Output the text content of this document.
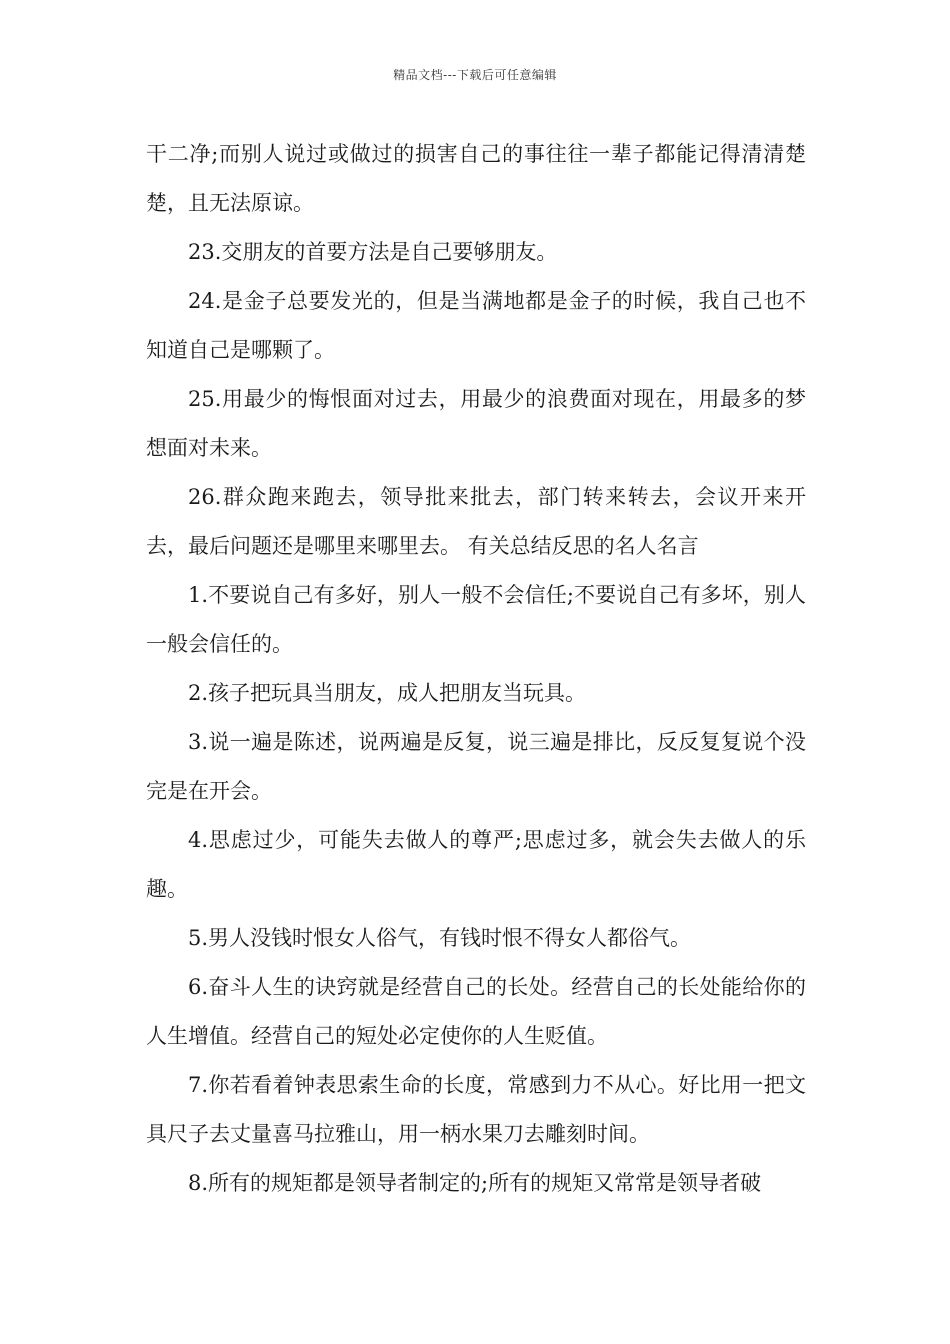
精品文档---下载后可任意编辑

干二净;而别人说过或做过的损害自己的事往往一辈子都能记得清清楚楚，且无法原谅。

23.交朋友的首要方法是自己要够朋友。

24.是金子总要发光的，但是当满地都是金子的时候，我自己也不知道自己是哪颗了。

25.用最少的悔恨面对过去，用最少的浪费面对现在，用最多的梦想面对未来。

26.群众跑来跑去，领导批来批去，部门转来转去，会议开来开去，最后问题还是哪里来哪里去。 有关总结反思的名人名言

1.不要说自己有多好，别人一般不会信任;不要说自己有多坏，别人一般会信任的。

2.孩子把玩具当朋友，成人把朋友当玩具。

3.说一遍是陈述，说两遍是反复，说三遍是排比，反反复复说个没完是在开会。

4.思虑过少，可能失去做人的尊严;思虑过多，就会失去做人的乐趣。

5.男人没钱时恨女人俗气，有钱时恨不得女人都俗气。

6.奋斗人生的诀窍就是经营自己的长处。经营自己的长处能给你的人生增值。经营自己的短处必定使你的人生贬值。

7.你若看着钟表思索生命的长度，常感到力不从心。好比用一把文具尺子去丈量喜马拉雅山，用一柄水果刀去雕刻时间。

8.所有的规矩都是领导者制定的;所有的规矩又常常是领导者破
